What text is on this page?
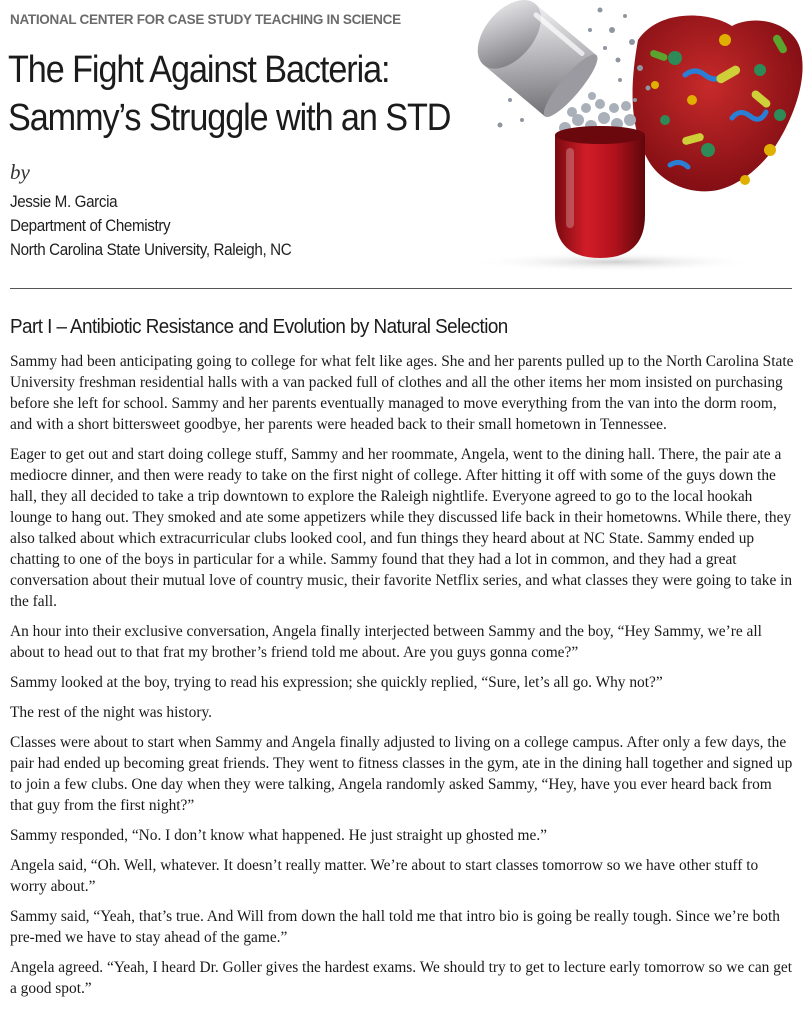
NATIONAL CENTER FOR CASE STUDY TEACHING IN SCIENCE
The Fight Against Bacteria:
Sammy’s Struggle with an STD
by
Jessie M. Garcia
Department of Chemistry
North Carolina State University, Raleigh, NC
Part I – Antibiotic Resistance and Evolution by Natural Selection

Sammy had been anticipating going to college for what felt like ages. She and her parents pulled up to the North Carolina State University freshman residential halls with a van packed full of clothes and all the other items her mom insisted on purchasing before she left for school. Sammy and her parents eventually managed to move everything from the van into the dorm room, and with a short bittersweet goodbye, her parents were headed back to their small hometown in Tennessee.

Eager to get out and start doing college stuff, Sammy and her roommate, Angela, went to the dining hall. There, the pair ate a mediocre dinner, and then were ready to take on the first night of college. After hitting it off with some of the guys down the hall, they all decided to take a trip downtown to explore the Raleigh nightlife. Everyone agreed to go to the local hookah lounge to hang out. They smoked and ate some appetizers while they discussed life back in their hometowns. While there, they also talked about which extracurricular clubs looked cool, and fun things they heard about at NC State. Sammy ended up chatting to one of the boys in particular for a while. Sammy found that they had a lot in common, and they had a great conversation about their mutual love of country music, their favorite Netflix series, and what classes they were going to take in the fall.

An hour into their exclusive conversation, Angela finally interjected between Sammy and the boy, “Hey Sammy, we’re all about to head out to that frat my brother’s friend told me about. Are you guys gonna come?”

Sammy looked at the boy, trying to read his expression; she quickly replied, “Sure, let’s all go. Why not?”

The rest of the night was history.

Classes were about to start when Sammy and Angela finally adjusted to living on a college campus. After only a few days, the pair had ended up becoming great friends. They went to fitness classes in the gym, ate in the dining hall together and signed up to join a few clubs. One day when they were talking, Angela randomly asked Sammy, “Hey, have you ever heard back from that guy from the first night?”

Sammy responded, “No. I don’t know what happened. He just straight up ghosted me.”

Angela said, “Oh. Well, whatever. It doesn’t really matter. We’re about to start classes tomorrow so we have other stuff to worry about.”

Sammy said, “Yeah, that’s true. And Will from down the hall told me that intro bio is going be really tough. Since we’re both pre-med we have to stay ahead of the game.”

Angela agreed. “Yeah, I heard Dr. Goller gives the hardest exams. We should try to get to lecture early tomorrow so we can get a good spot.”
